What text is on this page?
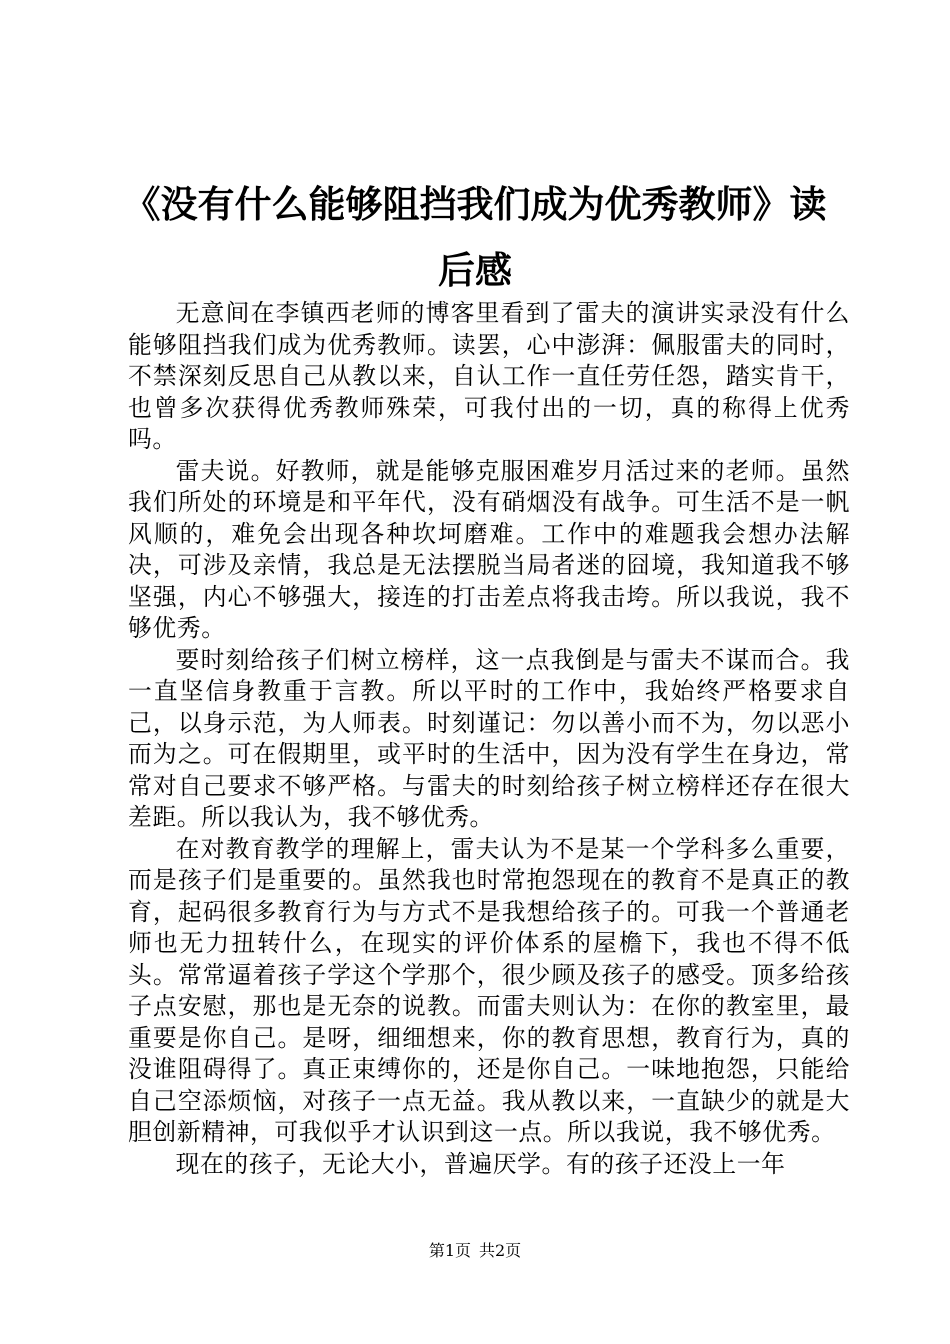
《没有什么能够阻挡我们成为优秀教师》读后感

无意间在李镇西老师的博客里看到了雷夫的演讲实录没有什么能够阻挡我们成为优秀教师。读罢，心中澎湃：佩服雷夫的同时，不禁深刻反思自己从教以来，自认工作一直任劳任怨，踏实肯干，也曾多次获得优秀教师殊荣，可我付出的一切，真的称得上优秀吗。

雷夫说。好教师，就是能够克服困难岁月活过来的老师。虽然我们所处的环境是和平年代，没有硝烟没有战争。可生活不是一帆风顺的，难免会出现各种坎坷磨难。工作中的难题我会想办法解决，可涉及亲情，我总是无法摆脱当局者迷的囧境，我知道我不够坚强，内心不够强大，接连的打击差点将我击垮。所以我说，我不够优秀。

要时刻给孩子们树立榜样，这一点我倒是与雷夫不谋而合。我一直坚信身教重于言教。所以平时的工作中，我始终严格要求自己，以身示范，为人师表。时刻谨记：勿以善小而不为，勿以恶小而为之。可在假期里，或平时的生活中，因为没有学生在身边，常常对自己要求不够严格。与雷夫的时刻给孩子树立榜样还存在很大差距。所以我认为，我不够优秀。

在对教育教学的理解上，雷夫认为不是某一个学科多么重要，而是孩子们是重要的。虽然我也时常抱怨现在的教育不是真正的教育，起码很多教育行为与方式不是我想给孩子的。可我一个普通老师也无力扭转什么，在现实的评价体系的屋檐下，我也不得不低头。常常逼着孩子学这个学那个，很少顾及孩子的感受。顶多给孩子点安慰，那也是无奈的说教。而雷夫则认为：在你的教室里，最重要是你自己。是呀，细细想来，你的教育思想，教育行为，真的没谁阻碍得了。真正束缚你的，还是你自己。一味地抱怨，只能给自己空添烦恼，对孩子一点无益。我从教以来，一直缺少的就是大胆创新精神，可我似乎才认识到这一点。所以我说，我不够优秀。

现在的孩子，无论大小，普遍厌学。有的孩子还没上一年

第1页 共2页
